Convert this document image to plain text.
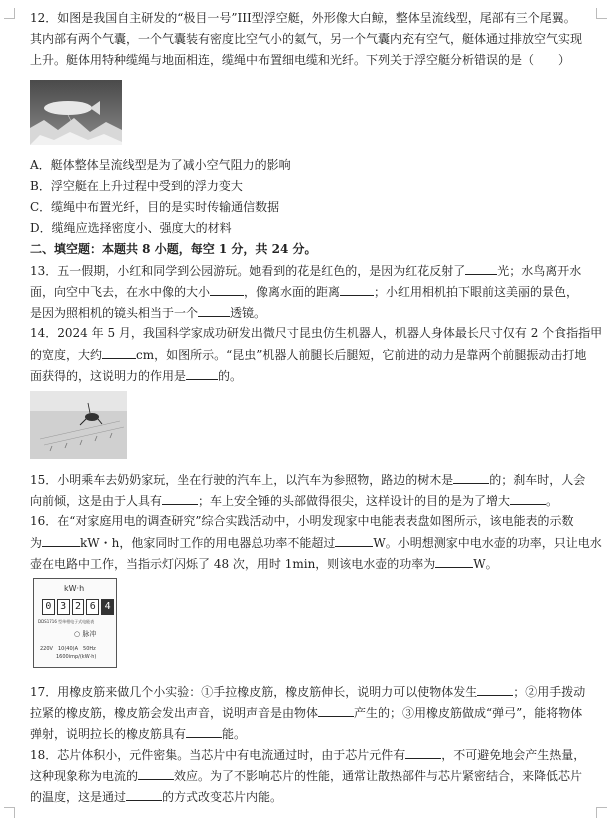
12．如图是我国自主研发的“极目一号”III型浮空艇，外形像大白鲸，整体呈流线型，尾部有三个尾翼。
其内部有两个气囊，一个气囊装有密度比空气小的氦气，另一个气囊内充有空气，艇体通过排放空气实现
上升。艇体用特种缆绳与地面相连，缆绳中布置细电缆和光纤。下列关于浮空艇分析错误的是（　　）
A．艇体整体呈流线型是为了减小空气阻力的影响
B．浮空艇在上升过程中受到的浮力变大
C．缆绳中布置光纤，目的是实时传输通信数据
D．缆绳应选择密度小、强度大的材料
二、填空题：本题共 8 小题，每空 1 分，共 24 分。
13．五一假期，小红和同学到公园游玩。她看到的花是红色的，是因为红花反射了	光；水鸟离开水
面，向空中飞去，在水中像的大小	，像离水面的距离	；小红用相机拍下眼前这美丽的景色，
是因为照相机的镜头相当于一个	透镜。
14．2024 年 5 月，我国科学家成功研发出微尺寸昆虫仿生机器人，机器人身体最长尺寸仅有 2 个食指指甲
的宽度，大约	cm，如图所示。“昆虫”机器人前腿长后腿短，它前进的动力是靠两个前腿振动击打地
面获得的，这说明力的作用是	的。
15．小明乘车去奶奶家玩，坐在行驶的汽车上，以汽车为参照物，路边的树木是	的；刹车时，人会
向前倾，这是由于人具有	；车上安全锤的头部做得很尖，这样设计的目的是为了增大	。
16．在“对家庭用电的调查研究”综合实践活动中，小明发现家中电能表表盘如图所示，该电能表的示数
为	kW・h，他家同时工作的用电器总功率不能超过	W。小明想测家中电水壶的功率，只让电水
壶在电路中工作，当指示灯闪烁了 48 次，用时 1min，则该电水壶的功率为	W。
kW·h
0 3 2 6 4
DDS1716 型单相电子式电能表
○ 脉冲
220V　10(40)A　50Hz
1600imp/(kW·h)
17．用橡皮筋来做几个小实验：①手拉橡皮筋，橡皮筋伸长，说明力可以使物体发生	；②用手拨动
拉紧的橡皮筋，橡皮筋会发出声音，说明声音是由物体	产生的；③用橡皮筋做成“弹弓”，能将物体
弹射，说明拉长的橡皮筋具有	能。
18．芯片体积小，元件密集。当芯片中有电流通过时，由于芯片元件有	，不可避免地会产生热量，
这种现象称为电流的	效应。为了不影响芯片的性能，通常让散热部件与芯片紧密结合，来降低芯片
的温度，这是通过	的方式改变芯片内能。
